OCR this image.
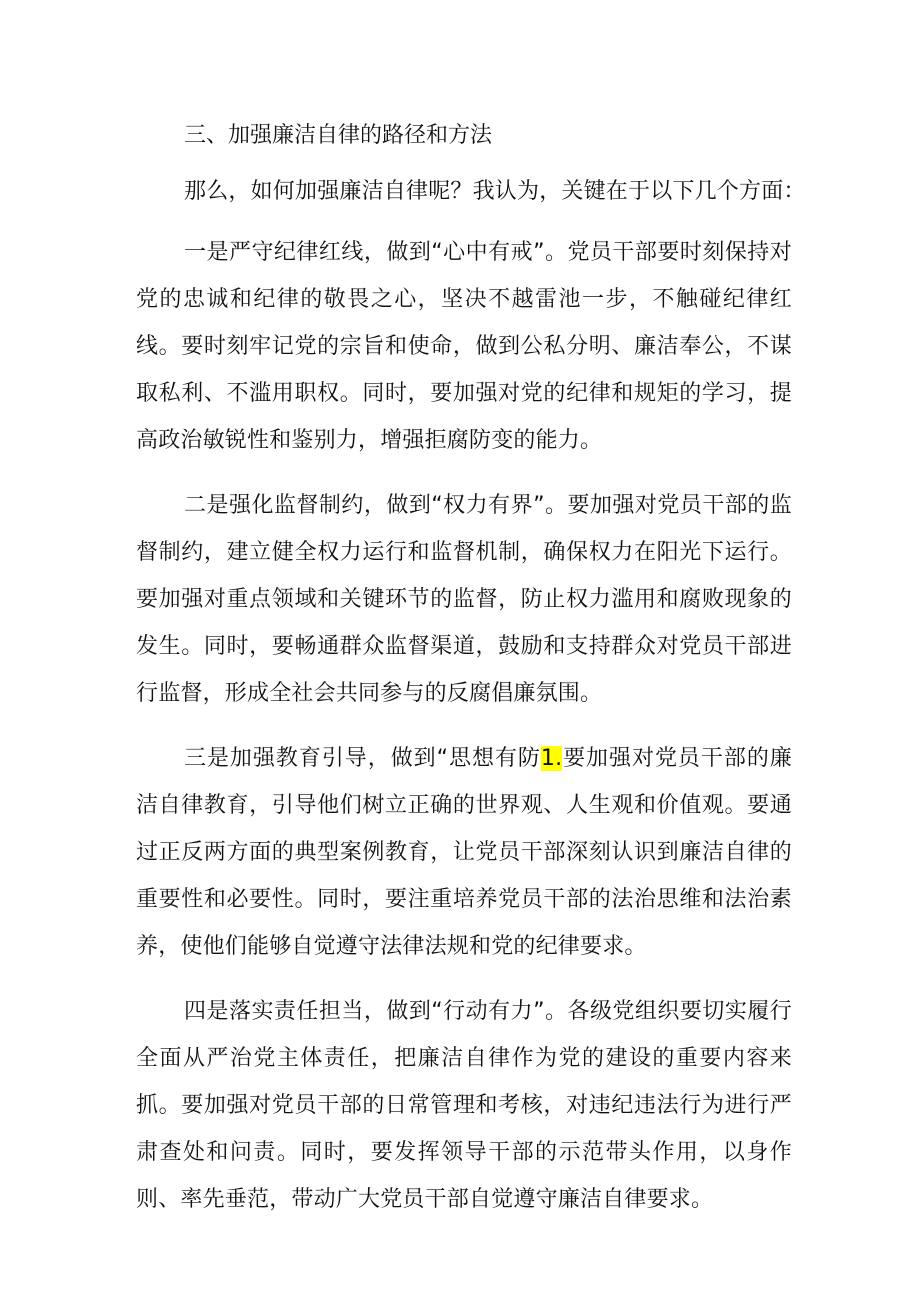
三、加强廉洁自律的路径和方法

那么，如何加强廉洁自律呢？我认为，关键在于以下几个方面：

一是严守纪律红线，做到“心中有戒”。党员干部要时刻保持对党的忠诚和纪律的敬畏之心，坚决不越雷池一步，不触碰纪律红线。要时刻牢记党的宗旨和使命，做到公私分明、廉洁奉公，不谋取私利、不滥用职权。同时，要加强对党的纪律和规矩的学习，提高政治敏锐性和鉴别力，增强拒腐防变的能力。

二是强化监督制约，做到“权力有界”。要加强对党员干部的监督制约，建立健全权力运行和监督机制，确保权力在阳光下运行。要加强对重点领域和关键环节的监督，防止权力滥用和腐败现象的发生。同时，要畅通群众监督渠道，鼓励和支持群众对党员干部进行监督，形成全社会共同参与的反腐倡廉氛围。

三是加强教育引导，做到“思想有防1.要加强对党员干部的廉洁自律教育，引导他们树立正确的世界观、人生观和价值观。要通过正反两方面的典型案例教育，让党员干部深刻认识到廉洁自律的重要性和必要性。同时，要注重培养党员干部的法治思维和法治素养，使他们能够自觉遵守法律法规和党的纪律要求。

四是落实责任担当，做到“行动有力”。各级党组织要切实履行全面从严治党主体责任，把廉洁自律作为党的建设的重要内容来抓。要加强对党员干部的日常管理和考核，对违纪违法行为进行严肃查处和问责。同时，要发挥领导干部的示范带头作用，以身作则、率先垂范，带动广大党员干部自觉遵守廉洁自律要求。
